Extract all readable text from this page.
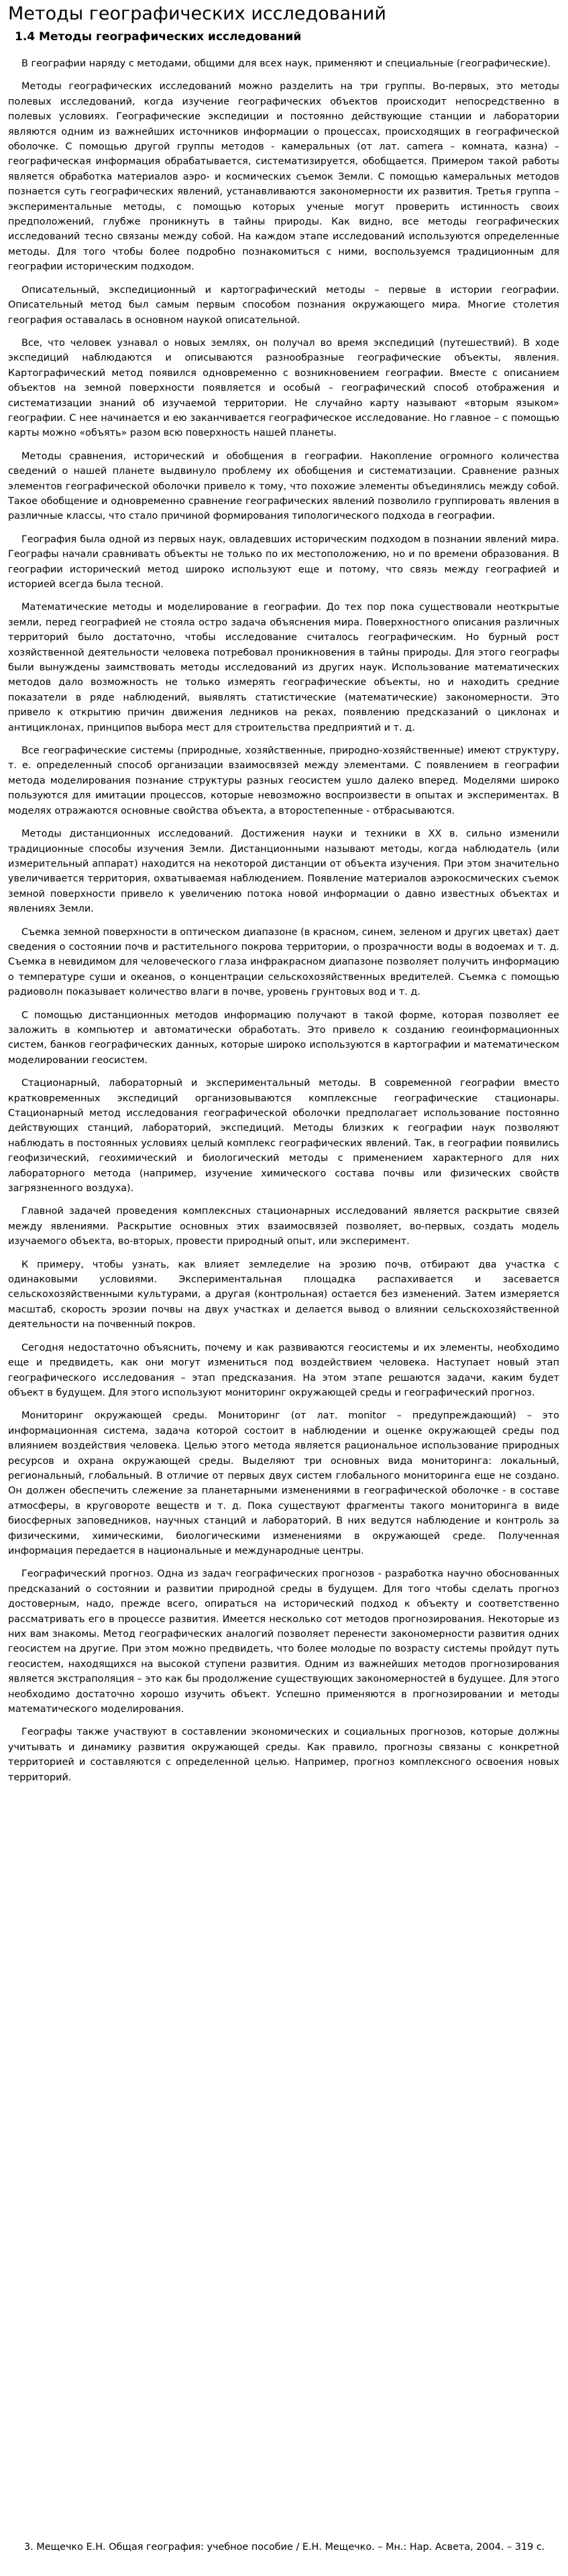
Методы географических исследований
1.4 Методы географических исследований

В географии наряду с методами, общими для всех наук, применяют и специальные (географические).

Методы географических исследований можно разделить на три группы. Во-первых, это методы полевых исследований, когда изучение географических объектов происходит непосредственно в полевых условиях. Географические экспедиции и постоянно действующие станции и лаборатории являются одним из важнейших источников информации о процессах, происходящих в географической оболочке. С помощью другой группы методов - камеральных (от лат. camera – комната, казна) – географическая информация обрабатывается, систематизируется, обобщается. Примером такой работы является обработка материалов аэро- и космических съемок Земли. С помощью камеральных методов познается суть географических явлений, устанавливаются закономерности их развития. Третья группа – экспериментальные методы, с помощью которых ученые могут проверить истинность своих предположений, глубже проникнуть в тайны природы. Как видно, все методы географических исследований тесно связаны между собой. На каждом этапе исследований используются определенные методы. Для того чтобы более подробно познакомиться с ними, воспользуемся традиционным для географии историческим подходом.

Описательный, экспедиционный и картографический методы – первые в истории географии. Описательный метод был самым первым способом познания окружающего мира. Многие столетия география оставалась в основном наукой описательной.

Все, что человек узнавал о новых землях, он получал во время экспедиций (путешествий). В ходе экспедиций наблюдаются и описываются разнообразные географические объекты, явления. Картографический метод появился одновременно с возникновением географии. Вместе с описанием объектов на земной поверхности появляется и особый – географический способ отображения и систематизации знаний об изучаемой территории. Не случайно карту называют «вторым языком» географии. С нее начинается и ею заканчивается географическое исследование. Но главное – с помощью карты можно «объять» разом всю поверхность нашей планеты.

Методы сравнения, исторический и обобщения в географии. Накопление огромного количества сведений о нашей планете выдвинуло проблему их обобщения и систематизации. Сравнение разных элементов географической оболочки привело к тому, что похожие элементы объединялись между собой. Такое обобщение и одновременно сравнение географических явлений позволило группировать явления в различные классы, что стало причиной формирования типологического подхода в географии.

География была одной из первых наук, овладевших историческим подходом в познании явлений мира. Географы начали сравнивать объекты не только по их местоположению, но и по времени образования. В географии исторический метод широко используют еще и потому, что связь между географией и историей всегда была тесной.

Математические методы и моделирование в географии. До тех пор пока существовали неоткрытые земли, перед географией не стояла остро задача объяснения мира. Поверхностного описания различных территорий было достаточно, чтобы исследование считалось географическим. Но бурный рост хозяйственной деятельности человека потребовал проникновения в тайны природы. Для этого географы были вынуждены заимствовать методы исследований из других наук. Использование математических методов дало возможность не только измерять географические объекты, но и находить средние показатели в ряде наблюдений, выявлять статистические (математические) закономерности. Это привело к открытию причин движения ледников на реках, появлению предсказаний о циклонах и антициклонах, принципов выбора мест для строительства предприятий и т. д.

Все географические системы (природные, хозяйственные, природно-хозяйственные) имеют структуру, т. е. определенный способ организации взаимосвязей между элементами. С появлением в географии метода моделирования познание структуры разных геосистем ушло далеко вперед. Моделями широко пользуются для имитации процессов, которые невозможно воспроизвести в опытах и экспериментах. В моделях отражаются основные свойства объекта, а второстепенные - отбрасываются.

Методы дистанционных исследований. Достижения науки и техники в XX в. сильно изменили традиционные способы изучения Земли. Дистанционными называют методы, когда наблюдатель (или измерительный аппарат) находится на некоторой дистанции от объекта изучения. При этом значительно увеличивается территория, охватываемая наблюдением. Появление материалов аэрокосмических съемок земной поверхности привело к увеличению потока новой информации о давно известных объектах и явлениях Земли.

Съемка земной поверхности в оптическом диапазоне (в красном, синем, зеленом и других цветах) дает сведения о состоянии почв и растительного покрова территории, о прозрачности воды в водоемах и т. д. Съемка в невидимом для человеческого глаза инфракрасном диапазоне позволяет получить информацию о температуре суши и океанов, о концентрации сельскохозяйственных вредителей. Съемка с помощью радиоволн показывает количество влаги в почве, уровень грунтовых вод и т. д.

С помощью дистанционных методов информацию получают в такой форме, которая позволяет ее заложить в компьютер и автоматически обработать. Это привело к созданию геоинформационных систем, банков географических данных, которые широко используются в картографии и математическом моделировании геосистем.

Стационарный, лабораторный и экспериментальный методы. В современной географии вместо кратковременных экспедиций организовываются комплексные географические стационары. Стационарный метод исследования географической оболочки предполагает использование постоянно действующих станций, лабораторий, экспедиций. Методы близких к географии наук позволяют наблюдать в постоянных условиях целый комплекс географических явлений. Так, в географии появились геофизический, геохимический и биологический методы с применением характерного для них лабораторного метода (например, изучение химического состава почвы или физических свойств загрязненного воздуха).

Главной задачей проведения комплексных стационарных исследований является раскрытие связей между явлениями. Раскрытие основных этих взаимосвязей позволяет, во-первых, создать модель изучаемого объекта, во-вторых, провести природный опыт, или эксперимент.

К примеру, чтобы узнать, как влияет земледелие на эрозию почв, отбирают два участка с одинаковыми условиями. Экспериментальная площадка распахивается и засевается сельскохозяйственными культурами, а другая (контрольная) остается без изменений. Затем измеряется масштаб, скорость эрозии почвы на двух участках и делается вывод о влиянии сельскохозяйственной деятельности на почвенный покров.

Сегодня недостаточно объяснить, почему и как развиваются геосистемы и их элементы, необходимо еще и предвидеть, как они могут измениться под воздействием человека. Наступает новый этап географического исследования – этап предсказания. На этом этапе решаются задачи, каким будет объект в будущем. Для этого используют мониторинг окружающей среды и географический прогноз.

Мониторинг окружающей среды. Мониторинг (от лат. monitor – предупреждающий) – это информационная система, задача которой состоит в наблюдении и оценке окружающей среды под влиянием воздействия человека. Целью этого метода является рациональное использование природных ресурсов и охрана окружающей среды. Выделяют три основных вида мониторинга: локальный, региональный, глобальный. В отличие от первых двух систем глобального мониторинга еще не создано. Он должен обеспечить слежение за планетарными изменениями в географической оболочке - в составе атмосферы, в круговороте веществ и т. д. Пока существуют фрагменты такого мониторинга в виде биосферных заповедников, научных станций и лабораторий. В них ведутся наблюдение и контроль за физическими, химическими, биологическими изменениями в окружающей среде. Полученная информация передается в национальные и международные центры.

Географический прогноз. Одна из задач географических прогнозов - разработка научно обоснованных предсказаний о состоянии и развитии природной среды в будущем. Для того чтобы сделать прогноз достоверным, надо, прежде всего, опираться на исторический подход к объекту и соответственно рассматривать его в процессе развития. Имеется несколько сот методов прогнозирования. Некоторые из них вам знакомы. Метод географических аналогий позволяет перенести закономерности развития одних геосистем на другие. При этом можно предвидеть, что более молодые по возрасту системы пройдут путь геосистем, находящихся на высокой ступени развития. Одним из важнейших методов прогнозирования является экстраполяция – это как бы продолжение существующих закономерностей в будущее. Для этого необходимо достаточно хорошо изучить объект. Успешно применяются в прогнозировании и методы математического моделирования.

Географы также участвуют в составлении экономических и социальных прогнозов, которые должны учитывать и динамику развития окружающей среды. Как правило, прогнозы связаны с конкретной территорией и составляются с определенной целью. Например, прогноз комплексного освоения новых территорий.

3. Мещечко Е.Н. Общая география: учебное пособие / Е.Н. Мещечко. – Мн.: Нар. Асвета, 2004. – 319 с.
